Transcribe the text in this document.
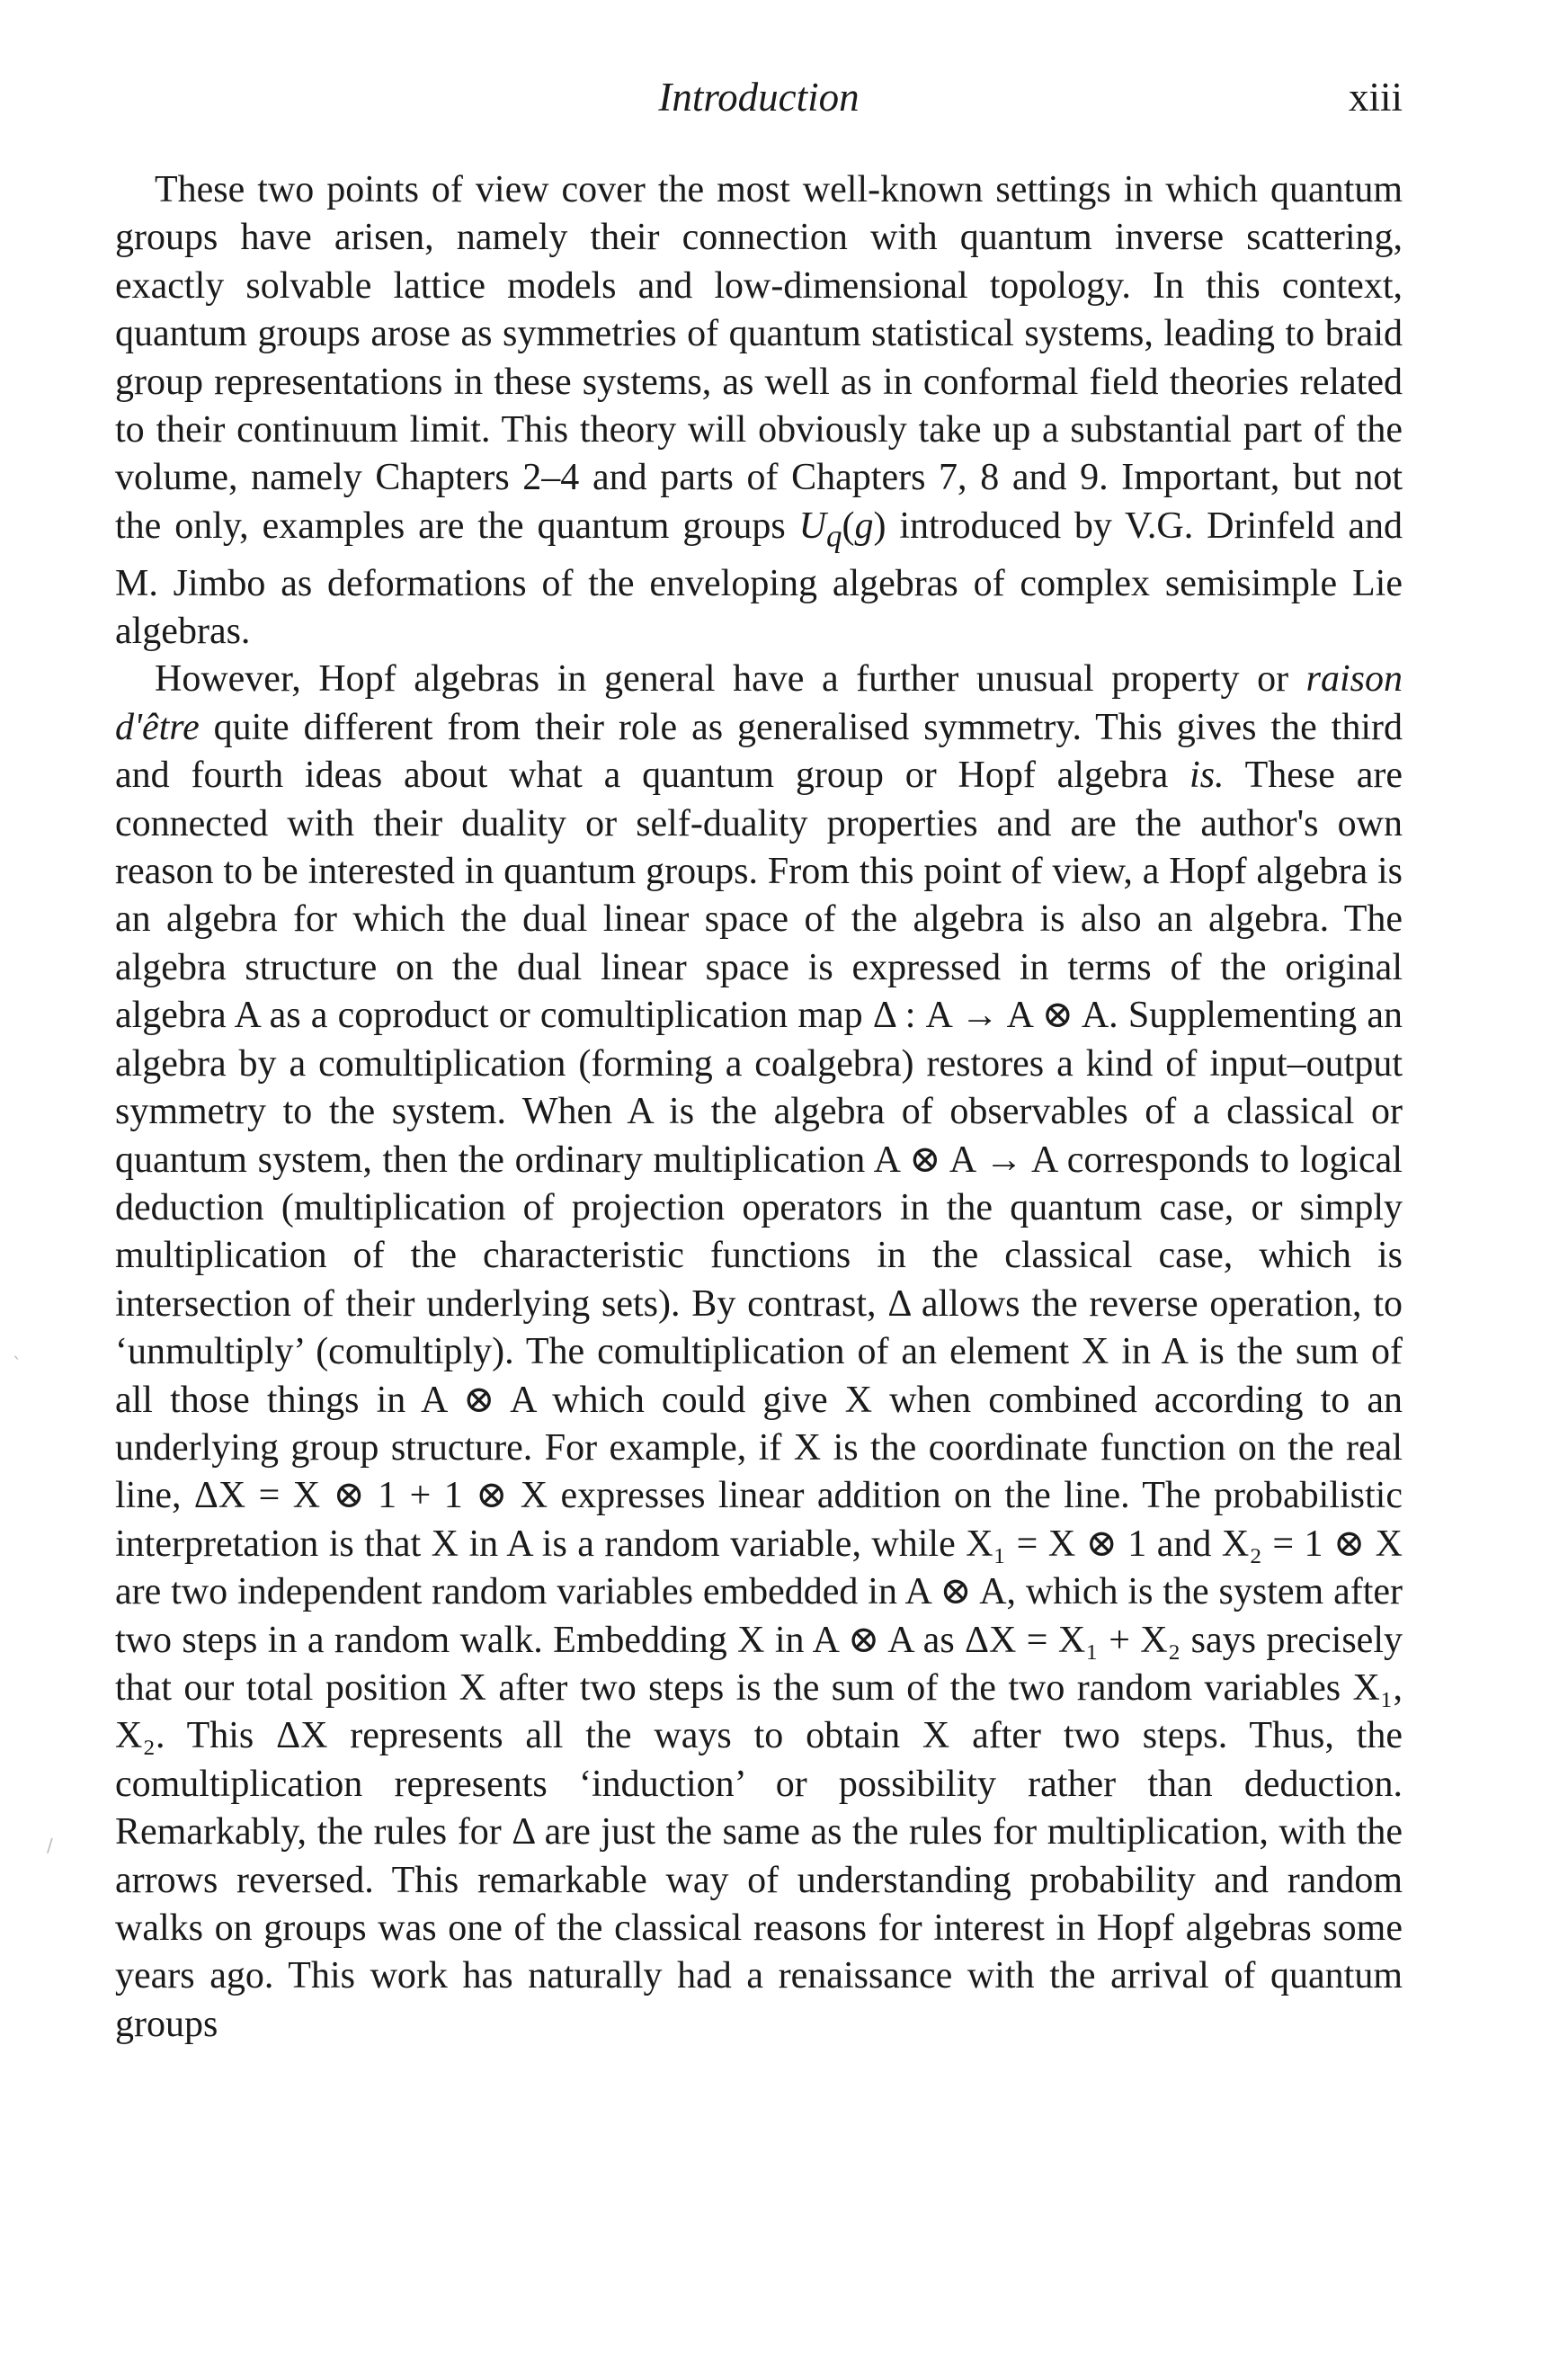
Introduction	xiii

These two points of view cover the most well-known settings in which quantum groups have arisen, namely their connection with quantum inverse scattering, exactly solvable lattice models and low-dimensional topology. In this context, quantum groups arose as symmetries of quantum statistical systems, leading to braid group representations in these systems, as well as in conformal field theories related to their continuum limit. This theory will obviously take up a substantial part of the volume, namely Chapters 2–4 and parts of Chapters 7, 8 and 9. Important, but not the only, examples are the quantum groups $U_q(g)$ introduced by V.G. Drinfeld and M. Jimbo as deformations of the enveloping algebras of complex semisimple Lie algebras.

However, Hopf algebras in general have a further unusual property or raison d'être quite different from their role as generalised symmetry. This gives the third and fourth ideas about what a quantum group or Hopf algebra is. These are connected with their duality or self-duality properties and are the author's own reason to be interested in quantum groups. From this point of view, a Hopf algebra is an algebra for which the dual linear space of the algebra is also an algebra. The algebra structure on the dual linear space is expressed in terms of the original algebra A as a coproduct or comultiplication map Δ : A → A ⊗ A. Supplementing an algebra by a comultiplication (forming a coalgebra) restores a kind of input–output symmetry to the system. When A is the algebra of observables of a classical or quantum system, then the ordinary multiplication A ⊗ A → A corresponds to logical deduction (multiplication of projection operators in the quantum case, or simply multiplication of the characteristic functions in the classical case, which is intersection of their underlying sets). By contrast, Δ allows the reverse operation, to ‘unmultiply’ (comultiply). The comultiplication of an element X in A is the sum of all those things in A ⊗ A which could give X when combined according to an underlying group structure. For example, if X is the coordinate function on the real line, ΔX = X ⊗ 1 + 1 ⊗ X expresses linear addition on the line. The probabilistic interpretation is that X in A is a random variable, while X₁ = X ⊗ 1 and X₂ = 1 ⊗ X are two independent random variables embedded in A ⊗ A, which is the system after two steps in a random walk. Embedding X in A ⊗ A as ΔX = X₁ + X₂ says precisely that our total position X after two steps is the sum of the two random variables X₁, X₂. This ΔX represents all the ways to obtain X after two steps. Thus, the comultiplication represents ‘induction’ or possibility rather than deduction. Remarkably, the rules for Δ are just the same as the rules for multiplication, with the arrows reversed. This remarkable way of understanding probability and random walks on groups was one of the classical reasons for interest in Hopf algebras some years ago. This work has naturally had a renaissance with the arrival of quantum groups

`
/
